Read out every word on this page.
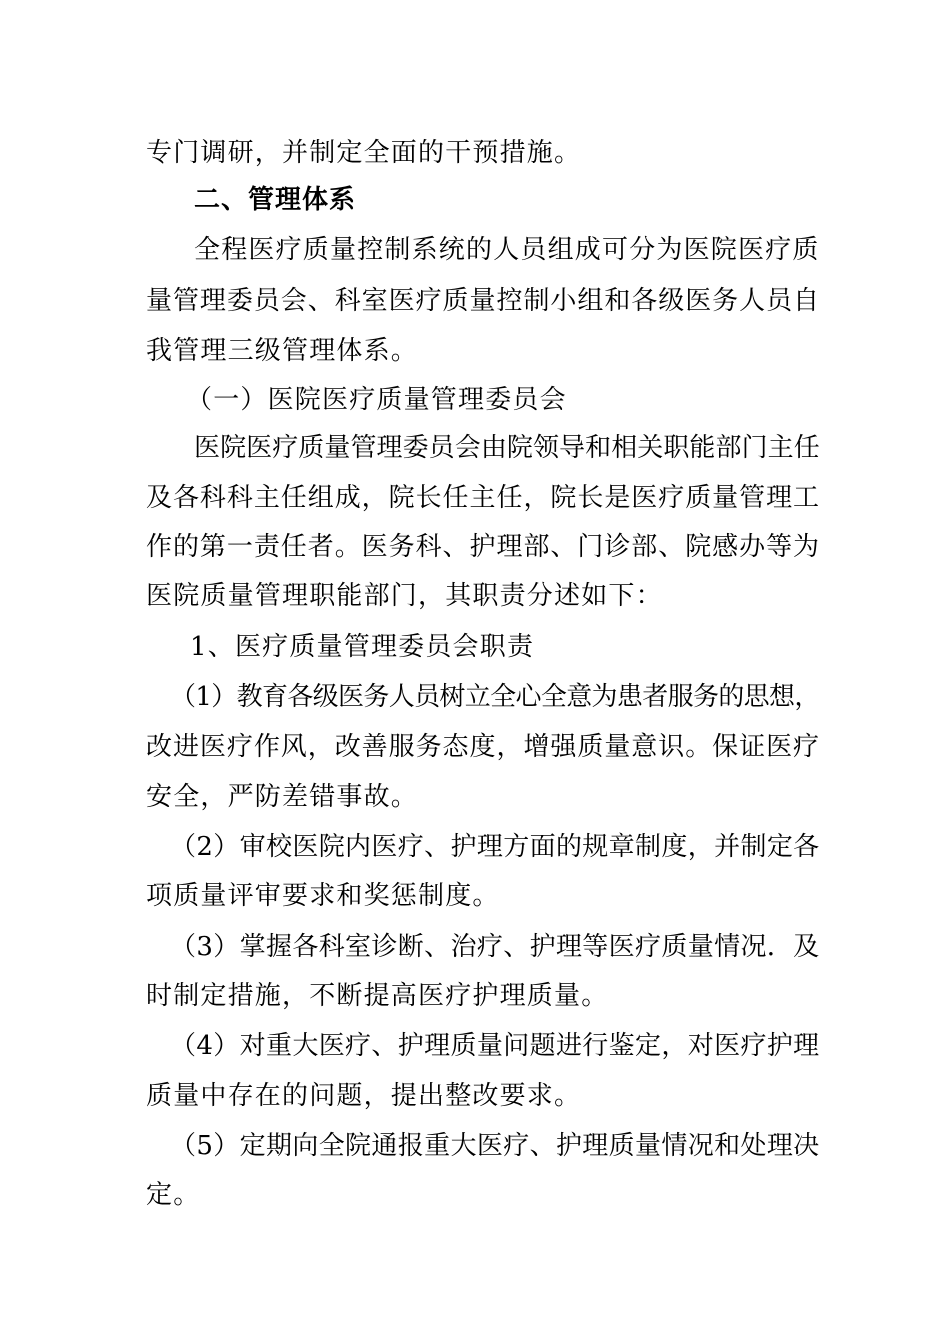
专门调研，并制定全面的干预措施。
二、管理体系
全程医疗质量控制系统的人员组成可分为医院医疗质
量管理委员会、科室医疗质量控制小组和各级医务人员自
我管理三级管理体系。
（一）医院医疗质量管理委员会
医院医疗质量管理委员会由院领导和相关职能部门主任
及各科科主任组成，院长任主任，院长是医疗质量管理工
作的第一责任者。医务科、护理部、门诊部、院感办等为
医院质量管理职能部门，其职责分述如下：
1、医疗质量管理委员会职责
（1）教育各级医务人员树立全心全意为患者服务的思想，
改进医疗作风，改善服务态度，增强质量意识。保证医疗
安全，严防差错事故。
（2）审校医院内医疗、护理方面的规章制度，并制定各
项质量评审要求和奖惩制度。
（3）掌握各科室诊断、治疗、护理等医疗质量情况．及
时制定措施，不断提高医疗护理质量。
（4）对重大医疗、护理质量问题进行鉴定，对医疗护理
质量中存在的问题，提出整改要求。
（5）定期向全院通报重大医疗、护理质量情况和处理决
定。
